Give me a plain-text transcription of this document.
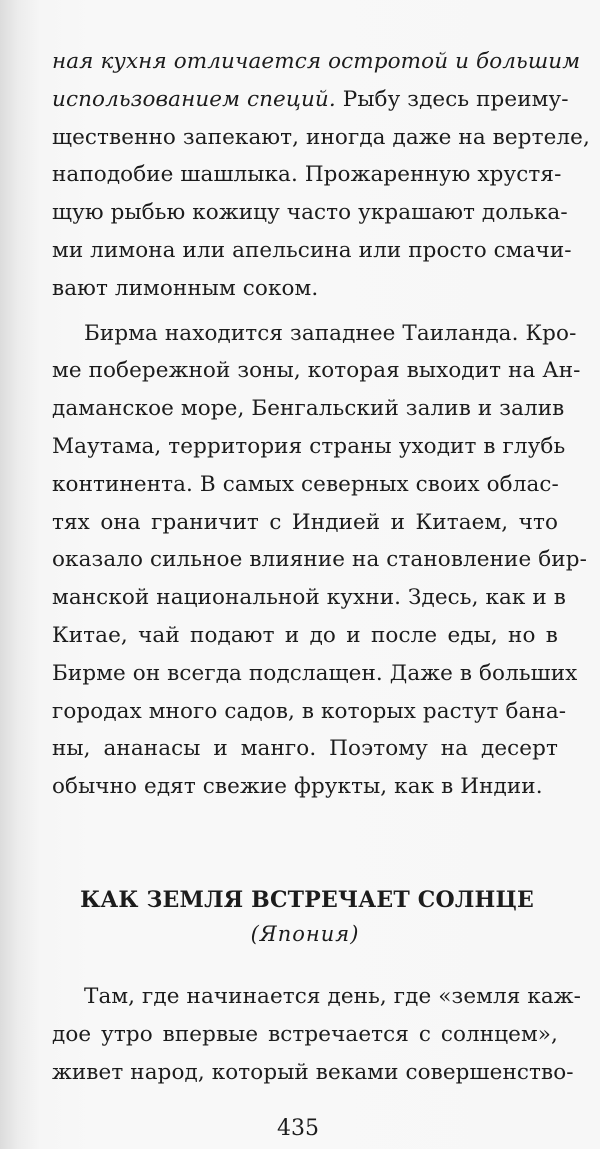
ная кухня отличается остротой и большим
использованием специй. Рыбу здесь преиму-
щественно запекают, иногда даже на вертеле,
наподобие шашлыка. Прожаренную хрустя-
щую рыбью кожицу часто украшают долька-
ми лимона или апельсина или просто смачи-
вают лимонным соком.
Бирма находится западнее Таиланда. Кро-
ме побережной зоны, которая выходит на Ан-
даманское море, Бенгальский залив и залив
Маутама, территория страны уходит в глубь
континента. В самых северных своих облас-
тях она граничит с Индией и Китаем, что
оказало сильное влияние на становление бир-
манской национальной кухни. Здесь, как и в
Китае, чай подают и до и после еды, но в
Бирме он всегда подслащен. Даже в больших
городах много садов, в которых растут бана-
ны, ананасы и манго. Поэтому на десерт
обычно едят свежие фрукты, как в Индии.
КАК ЗЕМЛЯ ВСТРЕЧАЕТ СОЛНЦЕ
(Япония)
Там, где начинается день, где «земля каж-
дое утро впервые встречается с солнцем»,
живет народ, который веками совершенство-
435
